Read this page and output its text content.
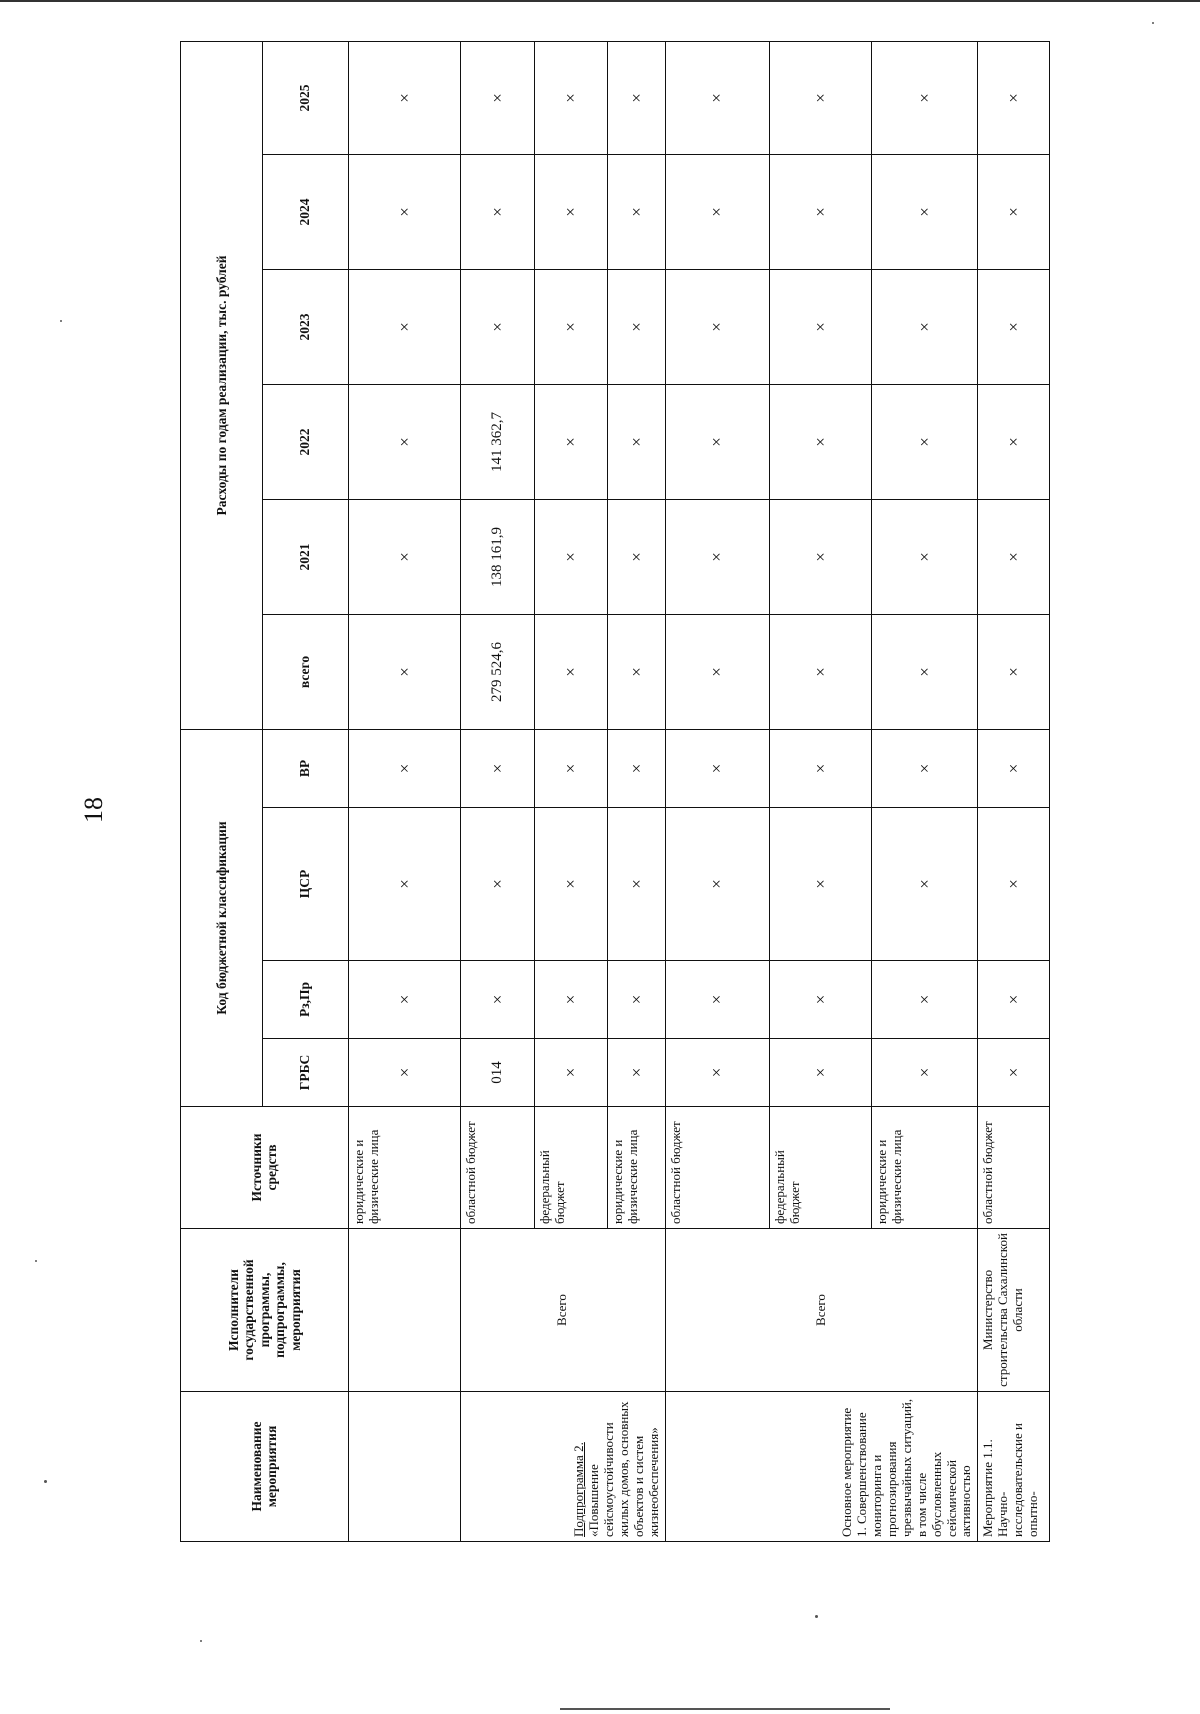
18
Наименование мероприятия	Исполнители государственной программы, подпрограммы, мероприятия	Источники средств	Код бюджетной классификации				Расходы по годам реализации, тыс. рублей					
			ГРБС	Рз,Пр	ЦСР	ВР	всего	2021	2022	2023	2024	2025
		юридические и физические лица	×	×	×	×	×	×	×	×	×	×
Подпрограмма 2. «Повышение сейсмоустойчивости жилых домов, основных объектов и систем жизнеобеспечения»	Всего	областной бюджет	014	×	×	×	279 524,6	138 161,9	141 362,7	×	×	×
		федеральный бюджет	×	×	×	×	×	×	×	×	×	×
		юридические и физические лица	×	×	×	×	×	×	×	×	×	×
Основное мероприятие 1. Совершенствование мониторинга и прогнозирования чрезвычайных ситуаций, в том числе обусловленных сейсмической активностью	Всего	областной бюджет	×	×	×	×	×	×	×	×	×	×
		федеральный бюджет	×	×	×	×	×	×	×	×	×	×
		юридические и физические лица	×	×	×	×	×	×	×	×	×	×
Мероприятие 1.1. Научно-исследовательские и опытно-	Министерство строительства Сахалинской области	областной бюджет	×	×	×	×	×	×	×	×	×	×
